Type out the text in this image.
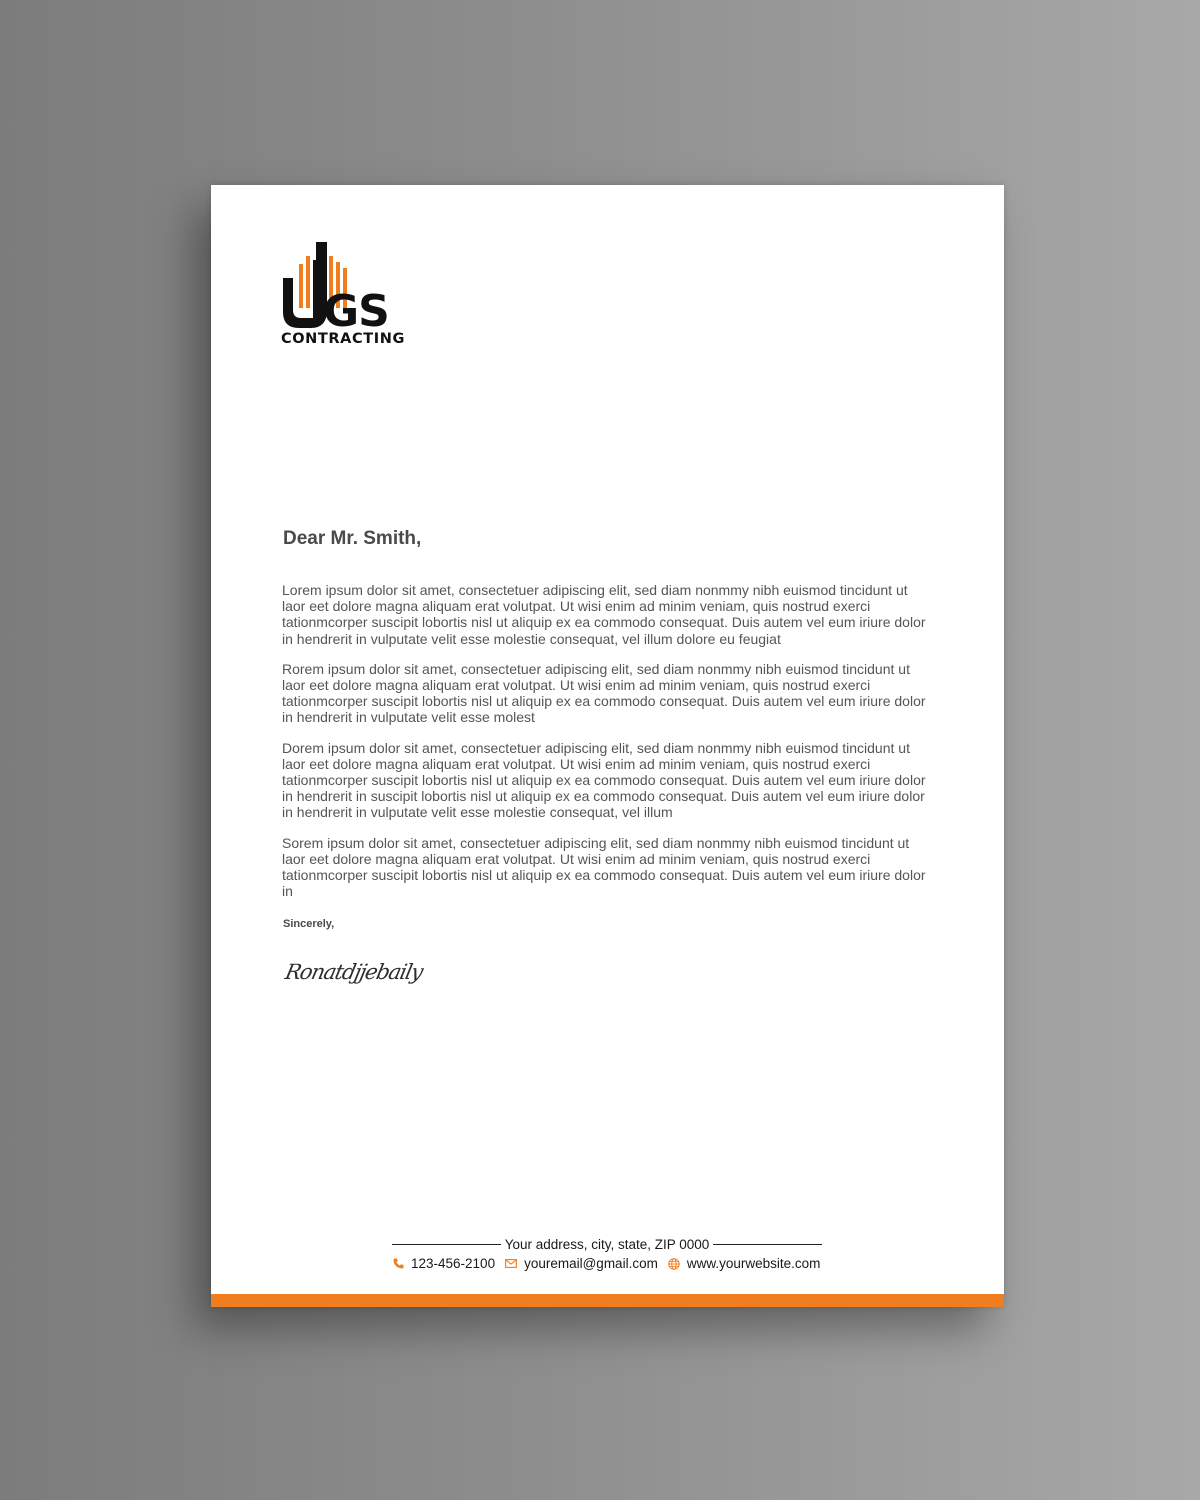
GS
CONTRACTING
Dear Mr. Smith,

Lorem ipsum dolor sit amet, consectetuer adipiscing elit, sed diam nonmmy nibh euismod tincidunt ut laor eet dolore magna aliquam erat volutpat. Ut wisi enim ad minim veniam, quis nostrud exerci tationmcorper suscipit lobortis nisl ut aliquip ex ea commodo consequat. Duis autem vel eum iriure dolor in hendrerit in vulputate velit esse molestie consequat, vel illum dolore eu feugiat

Rorem ipsum dolor sit amet, consectetuer adipiscing elit, sed diam nonmmy nibh euismod tincidunt ut laor eet dolore magna aliquam erat volutpat. Ut wisi enim ad minim veniam, quis nostrud exerci tationmcorper suscipit lobortis nisl ut aliquip ex ea commodo consequat. Duis autem vel eum iriure dolor in hendrerit in vulputate velit esse molest

Dorem ipsum dolor sit amet, consectetuer adipiscing elit, sed diam nonmmy nibh euismod tincidunt ut laor eet dolore magna aliquam erat volutpat. Ut wisi enim ad minim veniam, quis nostrud exerci tationmcorper suscipit lobortis nisl ut aliquip ex ea commodo consequat. Duis autem vel eum iriure dolor in hendrerit in suscipit lobortis nisl ut aliquip ex ea commodo consequat. Duis autem vel eum iriure dolor in hendrerit in vulputate velit esse molestie consequat, vel illum

Sorem ipsum dolor sit amet, consectetuer adipiscing elit, sed diam nonmmy nibh euismod tincidunt ut laor eet dolore magna aliquam erat volutpat. Ut wisi enim ad minim veniam, quis nostrud exerci tationmcorper suscipit lobortis nisl ut aliquip ex ea commodo consequat. Duis autem vel eum iriure dolor in

Sincerely,
Ronatdjjebaily
Your address, city, state, ZIP 0000
123-456-2100 youremail@gmail.com www.yourwebsite.com
